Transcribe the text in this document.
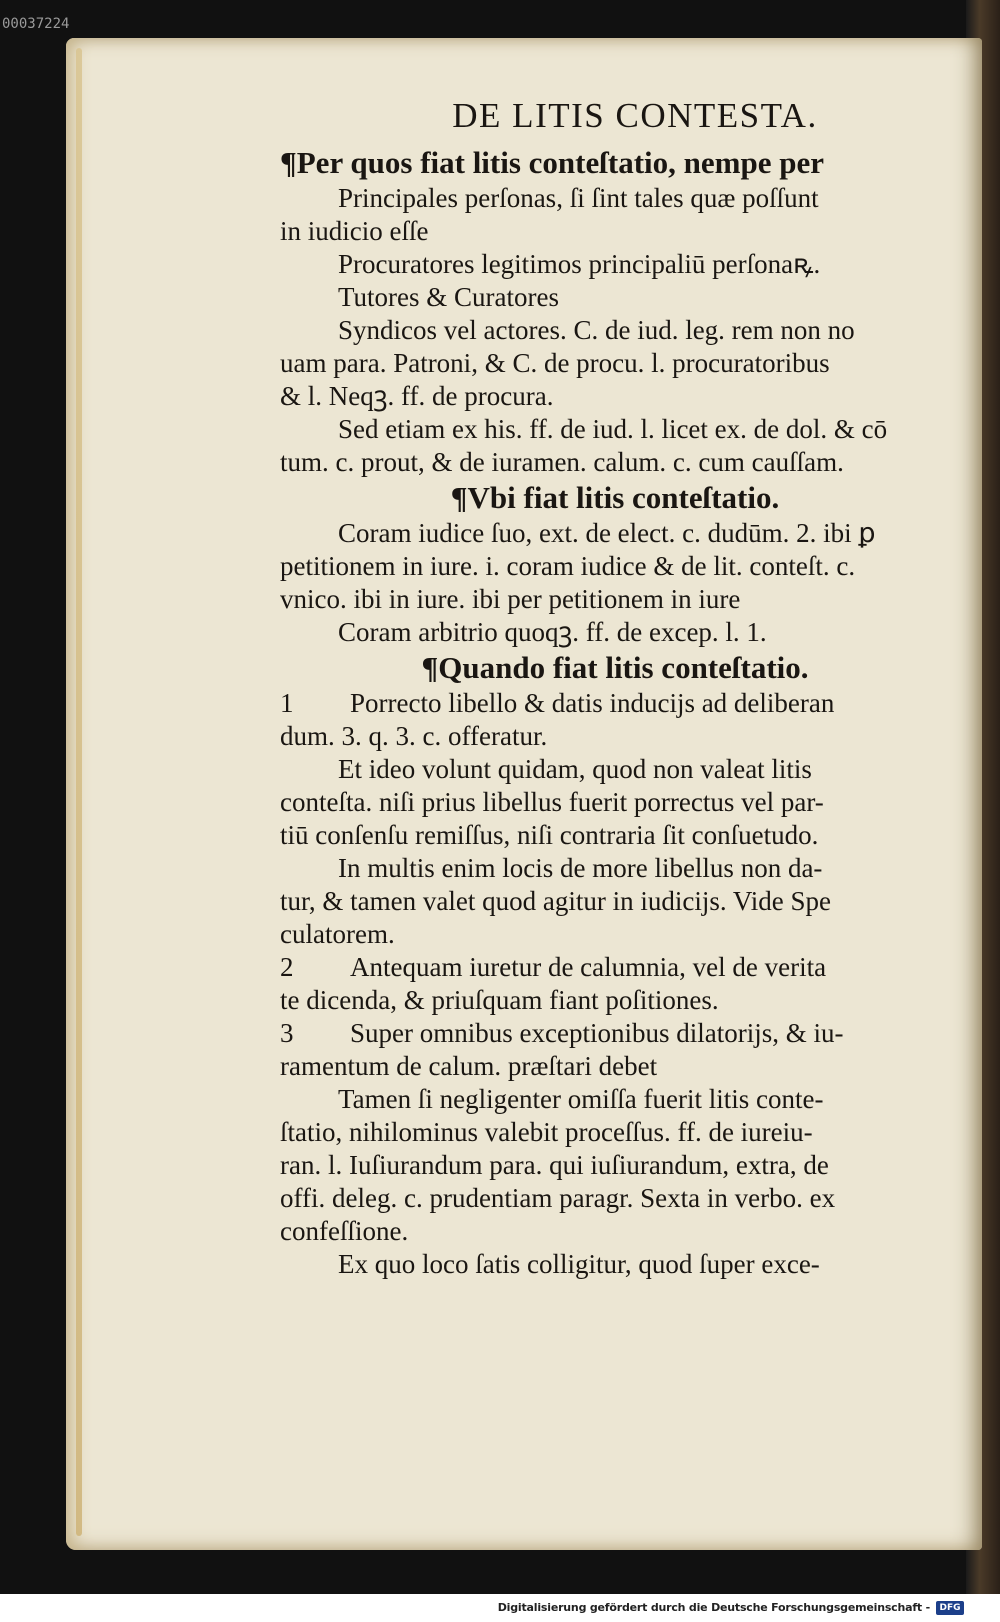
00037224
DE LITIS CONTESTA.
¶Per quos fiat litis conteſtatio, nempe per
Principales perſonas, ſi ſint tales quæ poſſunt
in iudicio eſſe
Procuratores legitimos principaliū perſonaꝶ.
Tutores & Curatores
Syndicos vel actores. C. de iud. leg. rem non no
uam para. Patroni, & C. de procu. l. procuratoribus
& l. Neqꝫ. ff. de procura.
Sed etiam ex his. ff. de iud. l. licet ex. de dol. & cō
tum. c. prout, & de iuramen. calum. c. cum cauſſam.
¶Vbi fiat litis conteſtatio.
Coram iudice ſuo, ext. de elect. c. dudūm. 2. ibi ꝑ
petitionem in iure. i. coram iudice & de lit. conteſt. c.
vnico. ibi in iure. ibi per petitionem in iure
Coram arbitrio quoqꝫ. ff. de excep. l. 1.
¶Quando fiat litis conteſtatio.
1 Porrecto libello & datis inducijs ad deliberan
dum. 3. q. 3. c. offeratur.
Et ideo volunt quidam, quod non valeat litis
conteſta. niſi prius libellus fuerit porrectus vel par-
tiū conſenſu remiſſus, niſi contraria ſit conſuetudo.
In multis enim locis de more libellus non da-
tur, & tamen valet quod agitur in iudicijs. Vide Spe
culatorem.
2 Antequam iuretur de calumnia, vel de verita
te dicenda, & priuſquam fiant poſitiones.
3 Super omnibus exceptionibus dilatorijs, & iu-
ramentum de calum. præſtari debet
Tamen ſi negligenter omiſſa fuerit litis conte-
ſtatio, nihilominus valebit proceſſus. ff. de iureiu-
ran. l. Iuſiurandum para. qui iuſiurandum, extra, de
offi. deleg. c. prudentiam paragr. Sexta in verbo. ex
confeſſione.
Ex quo loco ſatis colligitur, quod ſuper exce-
Digitalisierung gefördert durch die Deutsche Forschungsgemeinschaft -	DFG
